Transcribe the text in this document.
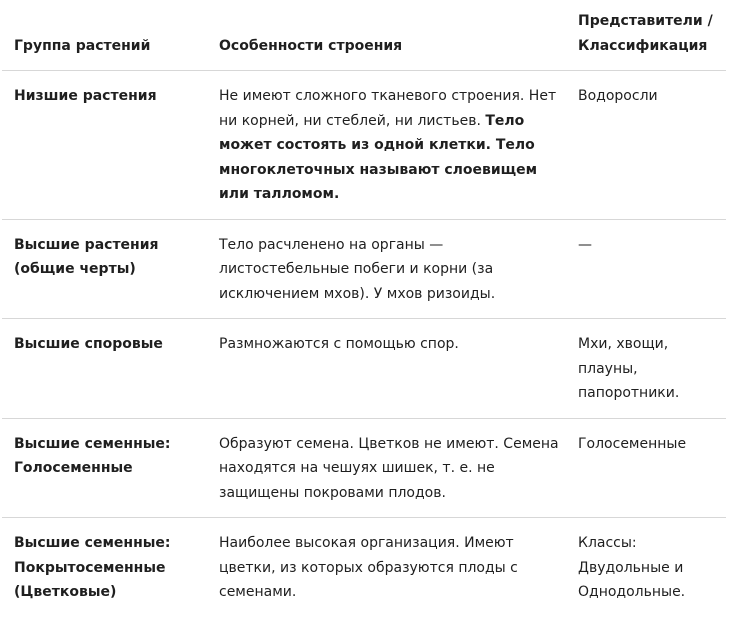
Группа растений	Особенности строения	Представители / Классификация
Низшие растения	Не имеют сложного тканевого строения. Нет ни корней, ни стеблей, ни листьев. Тело может состоять из одной клетки. Тело многоклеточных называют слоевищем или талломом.	Водоросли
Высшие растения (общие черты)	Тело расчленено на органы — листостебельные побеги и корни (за исключением мхов). У мхов ризоиды.	—
Высшие споровые	Размножаются с помощью спор.	Мхи, хвощи, плауны, папоротники.
Высшие семенные: Голосеменные	Образуют семена. Цветков не имеют. Семена находятся на чешуях шишек, т. е. не защищены покровами плодов.	Голосеменные
Высшие семенные: Покрытосеменные (Цветковые)	Наиболее высокая организация. Имеют цветки, из которых образуются плоды с семенами.	Классы: Двудольные и Однодольные.
